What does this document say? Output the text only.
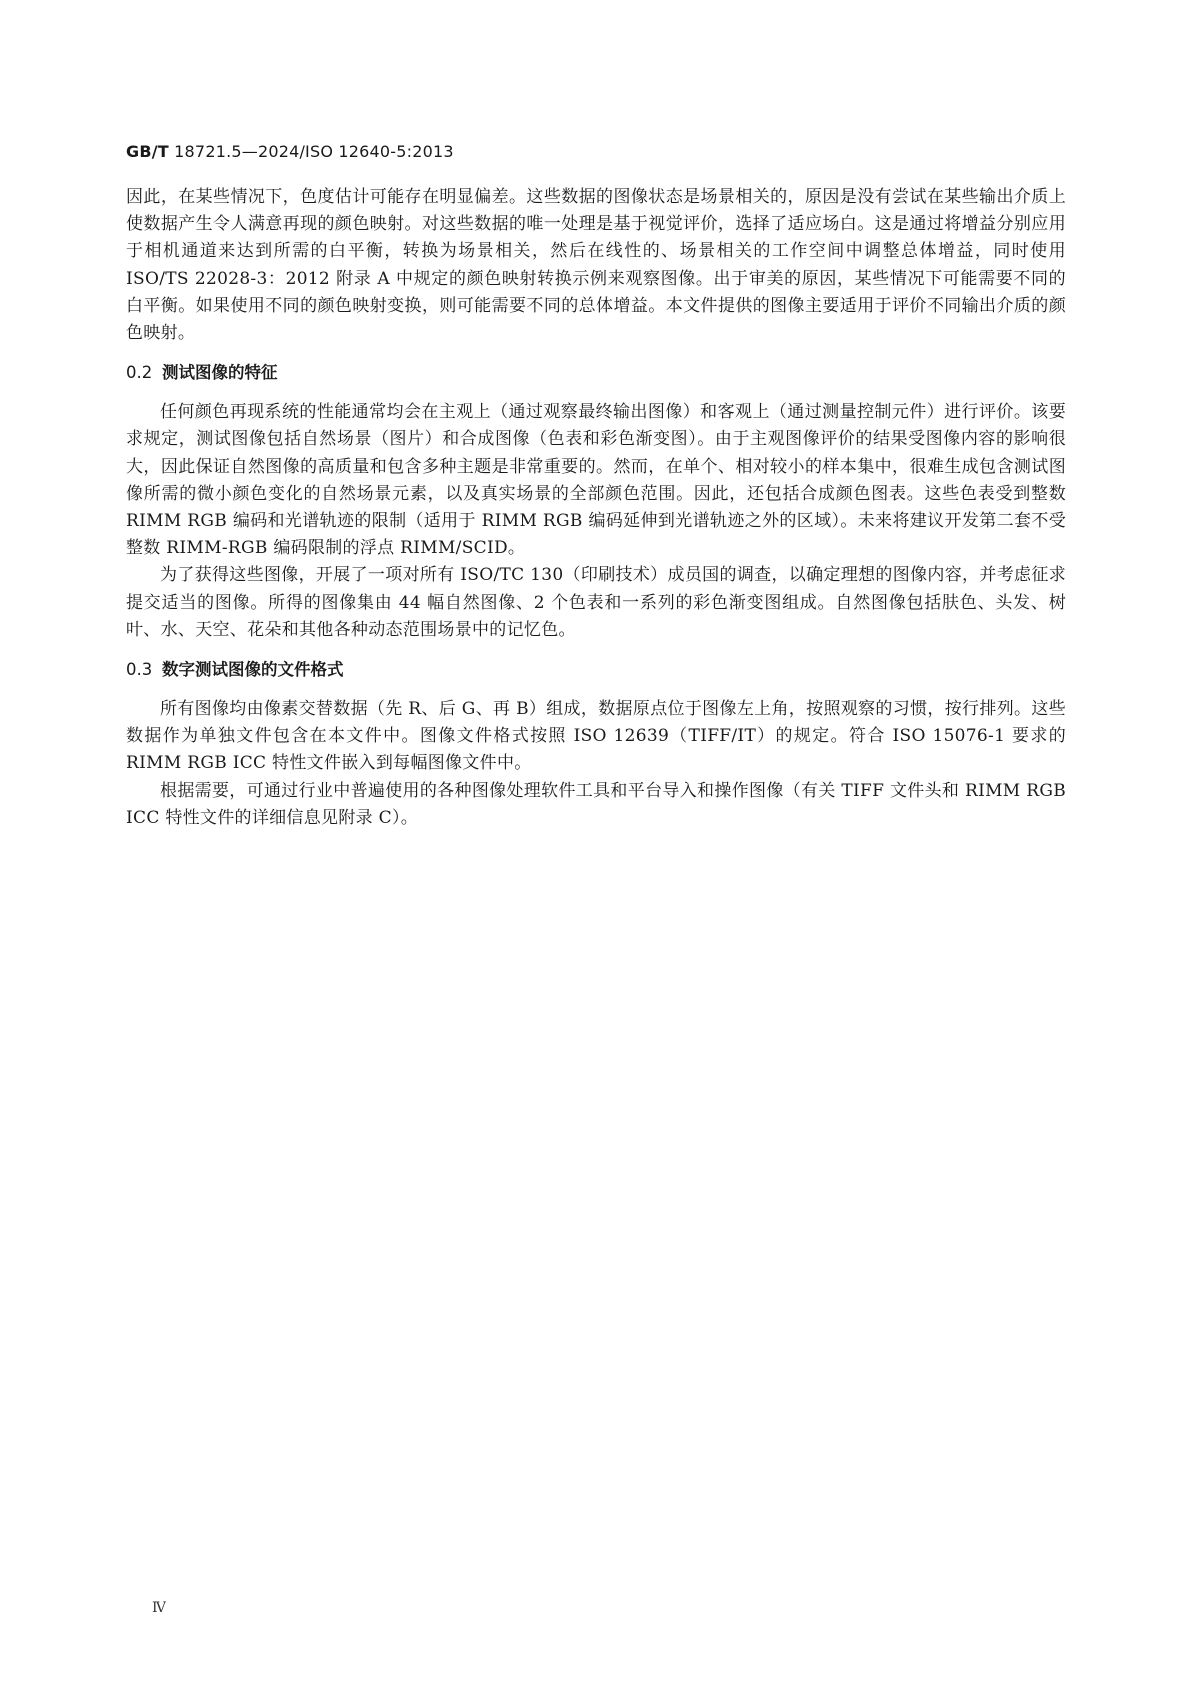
GB/T 18721.5—2024/ISO 12640-5:2013

因此，在某些情况下，色度估计可能存在明显偏差。这些数据的图像状态是场景相关的，原因是没有尝试在某些输出介质上使数据产生令人满意再现的颜色映射。对这些数据的唯一处理是基于视觉评价，选择了适应场白。这是通过将增益分别应用于相机通道来达到所需的白平衡，转换为场景相关，然后在线性的、场景相关的工作空间中调整总体增益，同时使用 ISO/TS 22028-3：2012 附录 A 中规定的颜色映射转换示例来观察图像。出于审美的原因，某些情况下可能需要不同的白平衡。如果使用不同的颜色映射变换，则可能需要不同的总体增益。本文件提供的图像主要适用于评价不同输出介质的颜色映射。

0.2 测试图像的特征

任何颜色再现系统的性能通常均会在主观上（通过观察最终输出图像）和客观上（通过测量控制元件）进行评价。该要求规定，测试图像包括自然场景（图片）和合成图像（色表和彩色渐变图）。由于主观图像评价的结果受图像内容的影响很大，因此保证自然图像的高质量和包含多种主题是非常重要的。然而，在单个、相对较小的样本集中，很难生成包含测试图像所需的微小颜色变化的自然场景元素，以及真实场景的全部颜色范围。因此，还包括合成颜色图表。这些色表受到整数 RIMM RGB 编码和光谱轨迹的限制（适用于 RIMM RGB 编码延伸到光谱轨迹之外的区域）。未来将建议开发第二套不受整数 RIMM-RGB 编码限制的浮点 RIMM/SCID。

为了获得这些图像，开展了一项对所有 ISO/TC 130（印刷技术）成员国的调查，以确定理想的图像内容，并考虑征求提交适当的图像。所得的图像集由 44 幅自然图像、2 个色表和一系列的彩色渐变图组成。自然图像包括肤色、头发、树叶、水、天空、花朵和其他各种动态范围场景中的记忆色。

0.3 数字测试图像的文件格式

所有图像均由像素交替数据（先 R、后 G、再 B）组成，数据原点位于图像左上角，按照观察的习惯，按行排列。这些数据作为单独文件包含在本文件中。图像文件格式按照 ISO 12639（TIFF/IT）的规定。符合 ISO 15076-1 要求的 RIMM RGB ICC 特性文件嵌入到每幅图像文件中。

根据需要，可通过行业中普遍使用的各种图像处理软件工具和平台导入和操作图像（有关 TIFF 文件头和 RIMM RGB ICC 特性文件的详细信息见附录 C）。

Ⅳ
